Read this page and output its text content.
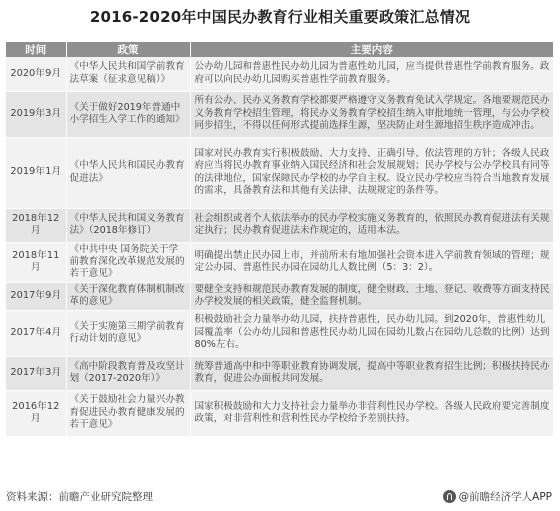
2016-2020年中国民办教育行业相关重要政策汇总情况
时间	政策	主要内容
2020年9月	《中华人民共和国学前教育法草案（征求意见稿）》	公办幼儿园和普惠性民办幼儿园为普惠性幼儿园，应当提供普惠性学前教育服务。政府可以向民办幼儿园购买普惠性学前教育服务。
2019年3月	《关于做好2019年普通中小学招生入学工作的通知》	所有公办、民办义务教育学校都要严格遵守义务教育免试入学规定。各地要规范民办义务教育学校招生管理，将民办义务教育学校招生纳入审批地统一管理，与公办学校同步招生，不得以任何形式提前选择生源，坚决防止对生源地招生秩序造成冲击。
2019年1月	《中华人民共和国民办教育促进法》	国家对民办教育实行积极鼓励、大力支持、正确引导、依法管理的方针；各级人民政府应当将民办教育事业纳入国民经济和社会发展规划；民办学校与公办学校具有同等的法律地位，国家保障民办学校的办学自主权。设立民办学校应当符合当地教育发展的需求，具备教育法和其他有关法律、法规规定的条件等。
2018年12月	《中华人民共和国义务教育法》（2018年修订）	社会组织或者个人依法举办的民办学校实施义务教育的，依照民办教育促进法有关规定执行；民办教育促进法未作规定的，适用本法。
2018年11月	《中共中央 国务院关于学前教育深化改革规范发展的若干意见》	明确提出禁止民办园上市，并前所未有地加强社会资本进入学前教育领域的管理；规定公办园、普惠性民办园在园幼儿人数比例（5：3：2）。
2017年9月	《关于深化教育体制机制改革的意见》	要健全支持和规范民办教育发展的制度，健全财政、土地、登记、收费等方面支持民办学校发展的相关政策，健全监督机制。
2017年4月	《关于实施第三期学前教育行动计划的意见》	积极鼓励社会力量举办幼儿园，扶持普惠性，民办幼儿园。到2020年，普惠性幼儿园覆盖率（公办幼儿园和普惠性民办幼儿园在园幼儿数占在园幼儿总数的比例）达到80%左右。
2017年3月	《高中阶段教育普及攻坚计划（2017-2020年）》	统筹普通高中和中等职业教育协调发展，提高中等职业教育招生比例；积极扶持民办教育，促进公办面板共同发展。
2016年12月	《关于鼓励社会力量兴办教育促进民办教育健康发展的若干意见》	国家积极鼓励和大力支持社会力量举办非营利性民办学校。各级人民政府要完善制度政策，对非营利性和营利性民办学校给予差别扶持。
资料来源：前瞻产业研究院整理	@前瞻经济学人APP
